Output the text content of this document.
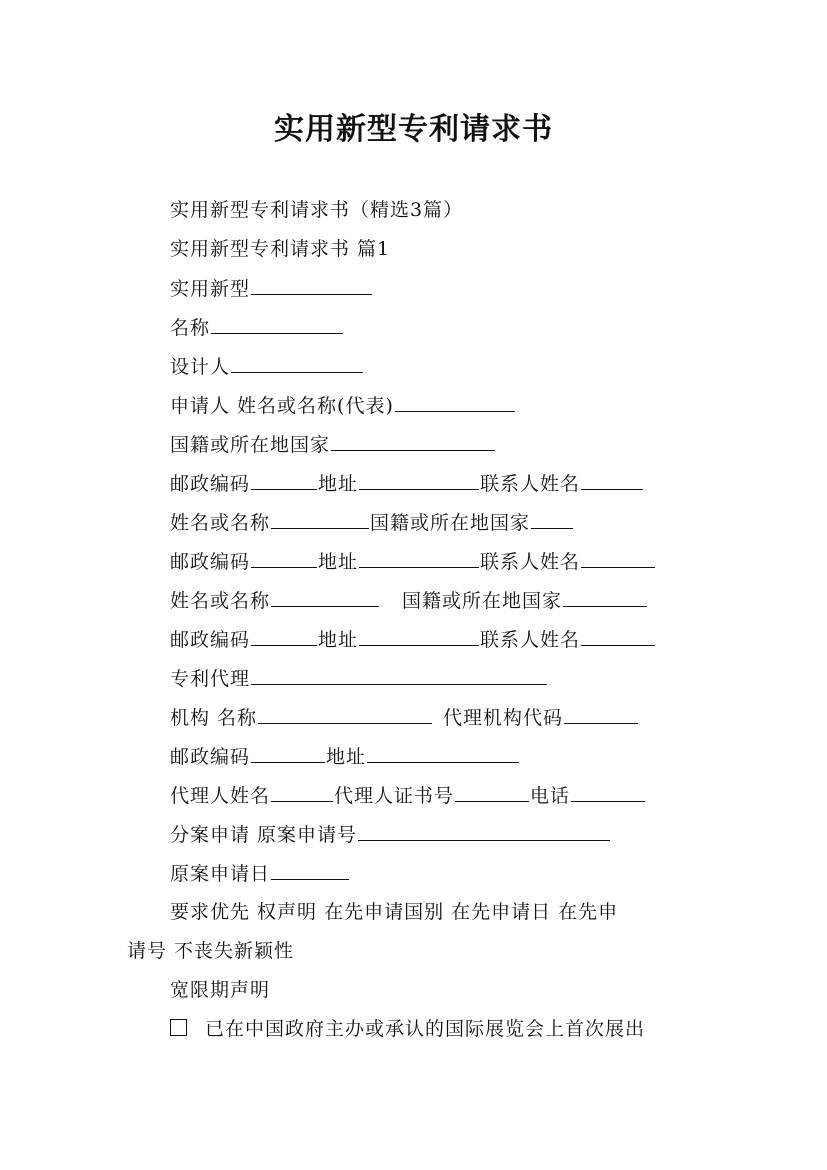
实用新型专利请求书
实用新型专利请求书（精选3篇）
实用新型专利请求书 篇1
实用新型
名称
设计人
申请人 姓名或名称(代表)
国籍或所在地国家
邮政编码	地址	联系人姓名
姓名或名称	国籍或所在地国家
邮政编码	地址	联系人姓名
姓名或名称	国籍或所在地国家
邮政编码	地址	联系人姓名
专利代理
机构 名称	代理机构代码
邮政编码	地址
代理人姓名	代理人证书号	电话
分案申请 原案申请号
原案申请日
要求优先 权声明 在先申请国别 在先申请日 在先申
请号 不丧失新颖性
宽限期声明
已在中国政府主办或承认的国际展览会上首次展出
